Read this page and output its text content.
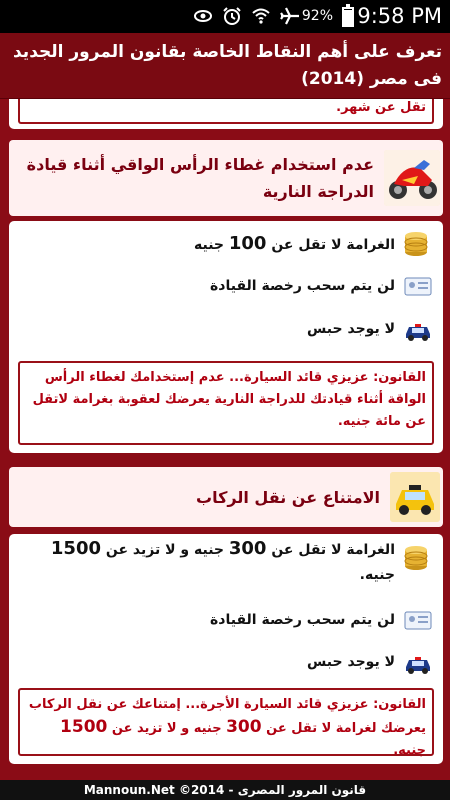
92% 9:58 PM
تعرف على أهم النقاط الخاصة بقانون المرور الجديد فى مصر (2014)
تقل عن شهر.
عدم استخدام غطاء الرأس الواقي أثناء قيادة الدراجة النارية
الغرامة لا تقل عن 100 جنيه
لن يتم سحب رخصة القيادة
لا يوجد حبس
القانون: عزيزي قائد السيارة... عدم إستخدامك لغطاء الرأس الواقة أثناء قيادتك للدراجة النارية يعرضك لعقوبة بغرامة لاتقل عن مائة جنيه.
الامتناع عن نقل الركاب
الغرامة لا تقل عن 300 جنيه و لا تزيد عن 1500 جنيه.
لن يتم سحب رخصة القيادة
لا يوجد حبس
القانون: عزيزي قائد السيارة الأجرة... إمتناعك عن نقل الركاب يعرضك لغرامة لا تقل عن 300 جنيه و لا تزيد عن 1500 جنيه.
Mannoun.Net ©2014 - قانون المرور المصرى
